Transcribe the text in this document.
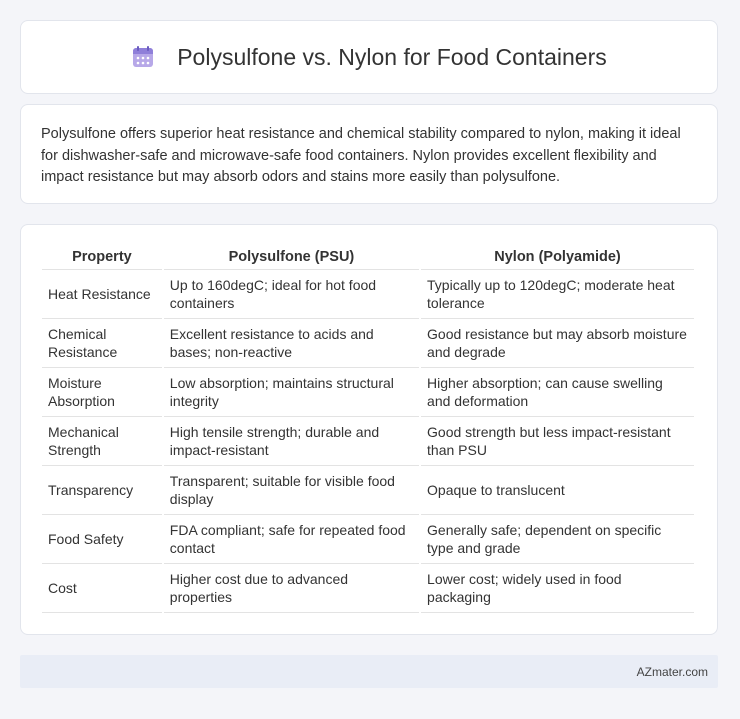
Polysulfone vs. Nylon for Food Containers

Polysulfone offers superior heat resistance and chemical stability compared to nylon, making it ideal for dishwasher-safe and microwave-safe food containers. Nylon provides excellent flexibility and impact resistance but may absorb odors and stains more easily than polysulfone.

Property	Polysulfone (PSU)	Nylon (Polyamide)
Heat Resistance	Up to 160degC; ideal for hot food containers	Typically up to 120degC; moderate heat tolerance
Chemical Resistance	Excellent resistance to acids and bases; non-reactive	Good resistance but may absorb moisture and degrade
Moisture Absorption	Low absorption; maintains structural integrity	Higher absorption; can cause swelling and deformation
Mechanical Strength	High tensile strength; durable and impact-resistant	Good strength but less impact-resistant than PSU
Transparency	Transparent; suitable for visible food display	Opaque to translucent
Food Safety	FDA compliant; safe for repeated food contact	Generally safe; dependent on specific type and grade
Cost	Higher cost due to advanced properties	Lower cost; widely used in food packaging
AZmater.com
